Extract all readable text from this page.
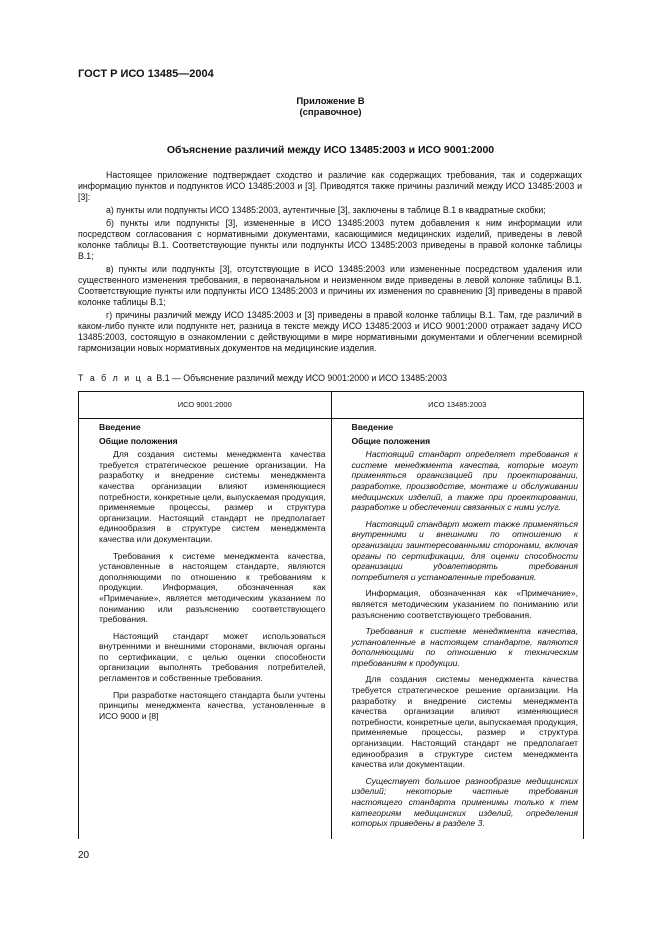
ГОСТ Р ИСО 13485—2004
Приложение В
(справочное)
Объяснение различий между ИСО 13485:2003 и ИСО 9001:2000

Настоящее приложение подтверждает сходство и различие как содержащих требования, так и содержащих информацию пунктов и подпунктов ИСО 13485:2003 и [3]. Приводятся также причины различий между ИСО 13485:2003 и [3]:

а) пункты или подпункты ИСО 13485:2003, аутентичные [3], заключены в таблице В.1 в квадратные скобки;

б) пункты или подпункты [3], измененные в ИСО 13485:2003 путем добавления к ним информации или посредством согласования с нормативными документами, касающимися медицинских изделий, приведены в левой колонке таблицы В.1. Соответствующие пункты или подпункты ИСО 13485:2003 приведены в правой колонке таблицы В.1;

в) пункты или подпункты [3], отсутствующие в ИСО 13485:2003 или измененные посредством удаления или существенного изменения требования, в первоначальном и неизменном виде приведены в левой колонке таблицы В.1. Соответствующие пункты или подпункты ИСО 13485:2003 и причины их изменения по сравнению [3] приведены в правой колонке таблицы В.1;

г) причины различий между ИСО 13485:2003 и [3] приведены в правой колонке таблицы В.1. Там, где различий в каком-либо пункте или подпункте нет, разница в тексте между ИСО 13485:2003 и ИСО 9001:2000 отражает задачу ИСО 13485:2003, состоящую в ознакомлении с действующими в мире нормативными документами и облегчении всемирной гармонизации новых нормативных документов на медицинские изделия.

Т а б л и ц а В.1 — Объяснение различий между ИСО 9001:2000 и ИСО 13485:2003
ИСО 9001:2000	ИСО 13485:2003
Введение
Общие положения

Для создания системы менеджмента качества требуется стратегическое решение организации. На разработку и внедрение системы менеджмента качества организации влияют изменяющиеся потребности, конкретные цели, выпускаемая продукция, применяемые процессы, размер и структура организации. Настоящий стандарт не предполагает единообразия в структуре систем менеджмента качества или документации.

Требования к системе менеджмента качества, установленные в настоящем стандарте, являются дополняющими по отношению к требованиям к продукции. Информация, обозначенная как «Примечание», является методическим указанием по пониманию или разъяснению соответствующего требования.

Настоящий стандарт может использоваться внутренними и внешними сторонами, включая органы по сертификации, с целью оценки способности организации выполнять требования потребителей, регламентов и собственные требования.

При разработке настоящего стандарта были учтены принципы менеджмента качества, установленные в ИСО 9000 и [8]

Введение
Общие положения

Настоящий стандарт определяет требования к системе менеджмента качества, которые могут применяться организацией при проектировании, разработке, производстве, монтаже и обслуживании медицинских изделий, а также при проектировании, разработке и обеспечении связанных с ними услуг.

Настоящий стандарт может также применяться внутренними и внешними по отношению к организации заинтересованными сторонами, включая органы по сертификации, для оценки способности организации удовлетворять требования потребителя и установленные требования.

Информация, обозначенная как «Примечание», является методическим указанием по пониманию или разъяснению соответствующего требования.

Требования к системе менеджмента качества, установленные в настоящем стандарте, являются дополняющими по отношению к техническим требованиям к продукции.

Для создания системы менеджмента качества требуется стратегическое решение организации. На разработку и внедрение системы менеджмента качества организации влияют изменяющиеся потребности, конкретные цели, выпускаемая продукция, применяемые процессы, размер и структура организации. Настоящий стандарт не предполагает единообразия в структуре систем менеджмента качества или документации.

Существует большое разнообразие медицинских изделий; некоторые частные требования настоящего стандарта применимы только к тем категориям медицинских изделий, определения которых приведены в разделе 3.

20
